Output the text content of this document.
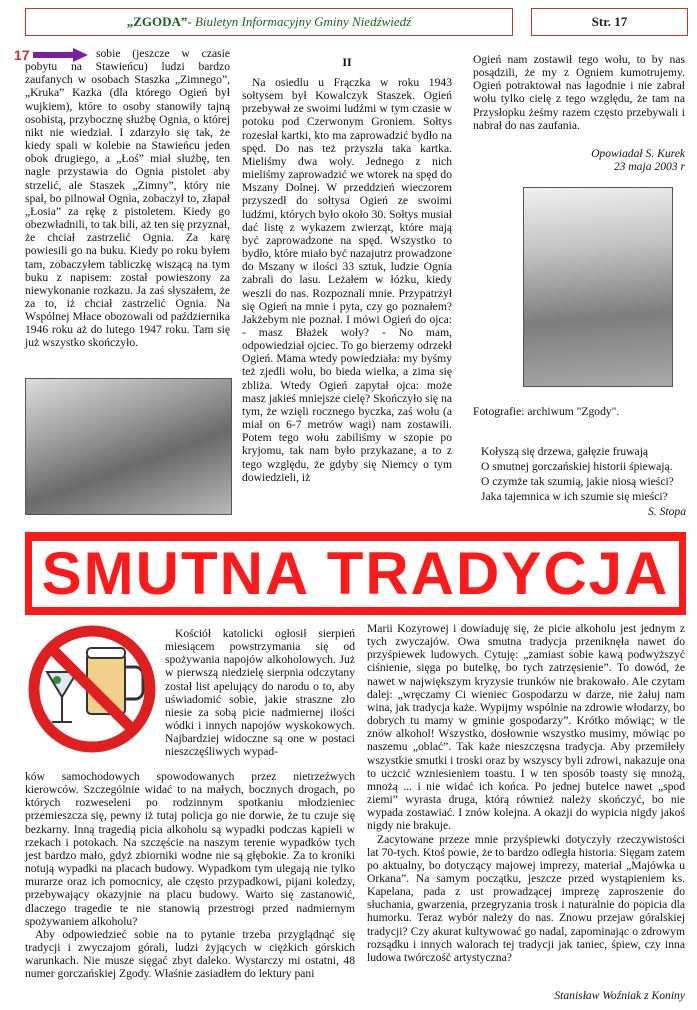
„ZGODA” - Biuletyn Informacyjny Gminy Niedźwiedź	Str. 17
17	sobie (jeszcze w czasie pobytu na Stawieńcu) ludzi bardzo zaufanych w osobach Staszka „Zimnego”, „Kruka” Kazka (dla którego Ogień był wujkiem), które to osoby stanowiły tajną osobistą, przybocznę służbę Ognia, o której nikt nie wiedział. I zdarzyło się tak, że kiedy spali w kolebie na Stawieńcu jeden obok drugiego, a „Łoś” miał służbę, ten nagle przystawia do Ognia pistolet aby strzelić, ale Staszek „Zimny”, który nie spał, bo pilnował Ognia, zobaczył to, złapał „Łosia” za rękę z pistoletem. Kiedy go obezwładnili, to tak bili, aż ten się przyznał, że chciał zastrzelić Ognia. Za karę powiesili go na buku. Kiedy po roku byłem tam, zobaczyłem tabliczkę wiszącą na tym buku z napisem: został powieszony za niewykonanie rozkazu. Ja zaś słyszałem, że za to, iż chciał zastrzelić Ognia. Na Wspólnej Młace obozowali od października 1946 roku aż do lutego 1947 roku. Tam się już wszystko skończyło.

II

Na osiedlu u Frączka w roku 1943 sołtysem był Kowalczyk Staszek. Ogień przebywał ze swoimi ludźmi w tym czasie w potoku pod Czerwonym Groniem. Sołtys rozesłał kartki, kto ma zaprowadzić bydło na spęd. Do nas też przyszła taka kartka. Mieliśmy dwa woły. Jednego z nich mieliśmy zaprowadzić we wtorek na spęd do Mszany Dolnej. W przeddzień wieczorem przyszedł do sołtysa Ogień ze swoimi ludźmi, których było około 30. Sołtys musiał dać listę z wykazem zwierząt, które mają być zaprowadzone na spęd. Wszystko to bydło, które miało być nazajutrz prowadzone do Mszany w ilości 33 sztuk, ludzie Ognia zabrali do lasu. Leżałem w łóżku, kiedy weszli do nas. Rozpoznali mnie. Przypatrzył się Ogień na mnie i pyta, czy go poznałem? Jakżebym nie poznał. I mówi Ogień do ojca: - masz Błażek woły? - No mam, odpowiedział ojciec. To go bierzemy odrzekł Ogień. Mama wtedy powiedziała: my byśmy też zjedli wołu, bo bieda wielka, a zima się zbliża. Wtedy Ogień zapytał ojca: może masz jakieś mniejsze cielę? Skończyło się na tym, że wzięli rocznego byczka, zaś wołu (a miał on 6-7 metrów wagi) nam zostawili. Potem tego wołu zabiliśmy w szopie po kryjomu, tak nam było przykazane, a to z tego względu, że gdyby się Niemcy o tym dowiedzieli, iż

Ogień nam zostawił tego wołu, to by nas posądzili, że my z Ogniem kumotrujemy. Ogień potraktował nas łagodnie i nie zabrał wołu tylko cielę z tego względu, że tam na Przysłopku żeśmy razem często przebywali i nabrał do nas zaufania.

Opowiadał S. Kurek
23 maja 2003 r
Fotografie: archiwum "Zgody".
Kołyszą się drzewa, gałęzie fruwają
O smutnej gorczańskiej historii śpiewają.
O czymże tak szumią, jakie niosą wieści?
Jaka tajemnica w ich szumie się mieści?
S. Stopa
SMUTNA TRADYCJA

Kościół katolicki ogłosił sierpień miesiącem powstrzymania się od spożywania napojów alkoholowych. Już w pierwszą niedzielę sierpnia odczytany został list apelujący do narodu o to, aby uświadomić sobie, jakie straszne zło niesie za sobą picie nadmiernej ilości wódki i innych napojów wyskokowych. Najbardziej widoczne są one w postaci nieszczęśliwych wypad-

ków samochodowych spowodowanych przez nietrzeźwych kierowców. Szczególnie widać to na małych, bocznych drogach, po których rozweseleni po rodzinnym spotkaniu młodzieniec przemieszcza się, pewny iż tutaj policja go nie dorwie, że tu czuje się bezkarny. Inną tragedią picia alkoholu są wypadki podczas kąpieli w rzekach i potokach. Na szczęście na naszym terenie wypadków tych jest bardzo mało, gdyż zbiorniki wodne nie są głębokie. Za to kroniki notują wypadki na placach budowy. Wypadkom tym ulegają nie tylko murarze oraz ich pomocnicy, ale często przypadkowi, pijani koledzy, przebywający okazyjnie na placu budowy. Warto się zastanowić, dlaczego tragedie te nie stanowią przestrogi przed nadmiernym spożywaniem alkoholu?

Aby odpowiedzieć sobie na to pytanie trzeba przyglądnąć się tradycji i zwyczajom górali, ludzi żyjących w ciężkich górskich warunkach. Nie musze sięgać zbyt daleko. Wystarczy mi ostatni, 48 numer gorczańskiej Zgody. Właśnie zasiadłem do lektury pani

Marii Kozyrowej i dowiaduję się, że picie alkoholu jest jednym z tych zwyczajów. Owa smutna tradycja przeniknęła nawet do przyśpiewek ludowych. Cytuję: „zamiast sobie kawą podwyższyć ciśnienie, sięga po butelkę, bo tych zatrzęsienie”. To dowód, że nawet w największym kryzysie trunków nie brakowało. Ale czytam dalej: „wręczamy Ci wieniec Gospodarzu w darze, nie żałuj nam wina, jak tradycja każe. Wypijmy wspólnie na zdrowie włodarzy, bo dobrych tu mamy w gminie gospodarzy”. Krótko mówiąc; w tle znów alkohol! Wszystko, dosłownie wszystko musimy, mówiąc po naszemu „oblać”. Tak każe nieszczęsna tradycja. Aby przemiłeły wszystkie smutki i troski oraz by wszyscy byli zdrowi, nakazuje ona to uczcić wzniesieniem toastu. I w ten sposób toasty się mnożą, mnożą ... i nie widać ich końca. Po jednej butelce nawet „spod ziemi” wyrasta druga, którą również należy skończyć, bo nie wypada zostawiać. I znów kolejna. A okazji do wypicia nigdy jakoś nigdy nie brakuje.

Zacytowane przeze mnie przyśpiewki dotyczyły rzeczywistości lat 70-tych. Ktoś powie, że to bardzo odległa historia. Sięgam zatem po aktualny, bo dotyczący majowej imprezy, materiał „Majówka u Orkana”. Na samym początku, jeszcze przed wystąpieniem ks. Kapelana, pada z ust prowadzącej imprezę zaproszenie do słuchania, gwarzenia, przegryzania trosk i naturalnie do popicia dla humorku. Teraz wybór należy do nas. Znowu przejaw góralskiej tradycji? Czy akurat kultywować go nadal, zapominając o zdrowym rozsądku i innych walorach tej tradycji jak taniec, śpiew, czy inna ludowa twórczość artystyczna?

Stanisław Woźniak z Koniny
